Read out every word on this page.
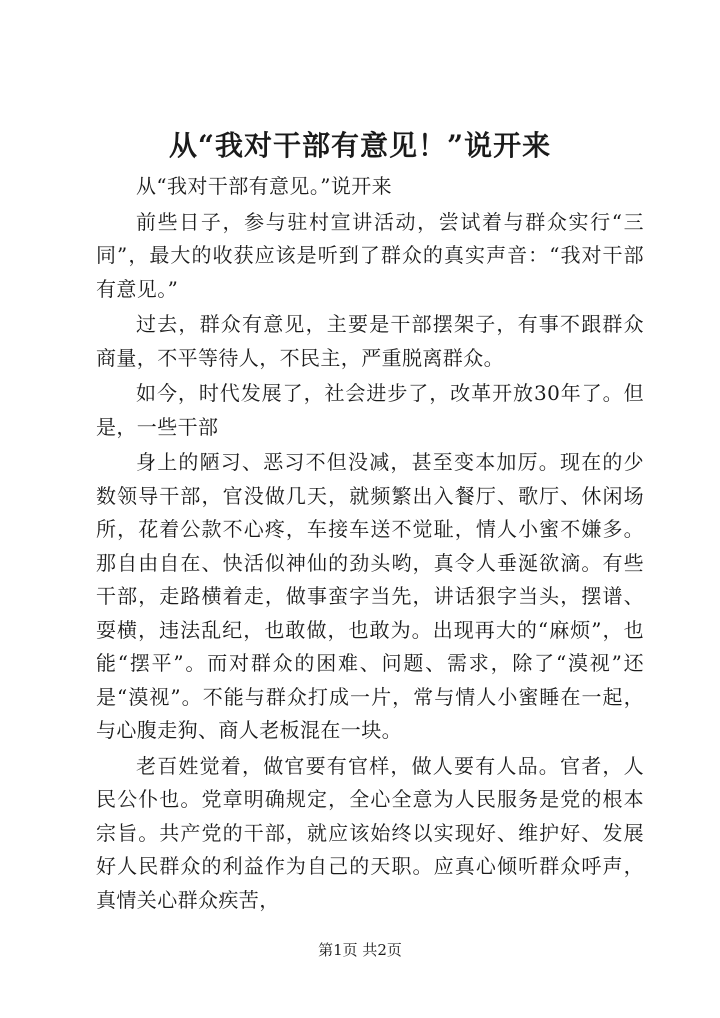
从“我对干部有意见！”说开来

从“我对干部有意见。”说开来

前些日子，参与驻村宣讲活动，尝试着与群众实行“三同”，最大的收获应该是听到了群众的真实声音：“我对干部有意见。”

过去，群众有意见，主要是干部摆架子，有事不跟群众商量，不平等待人，不民主，严重脱离群众。

如今，时代发展了，社会进步了，改革开放30年了。但是，一些干部

身上的陋习、恶习不但没减，甚至变本加厉。现在的少数领导干部，官没做几天，就频繁出入餐厅、歌厅、休闲场所，花着公款不心疼，车接车送不觉耻，情人小蜜不嫌多。那自由自在、快活似神仙的劲头哟，真令人垂涎欲滴。有些干部，走路横着走，做事蛮字当先，讲话狠字当头，摆谱、耍横，违法乱纪，也敢做，也敢为。出现再大的“麻烦”，也能“摆平”。而对群众的困难、问题、需求，除了“漠视”还是“漠视”。不能与群众打成一片，常与情人小蜜睡在一起，与心腹走狗、商人老板混在一块。

老百姓觉着，做官要有官样，做人要有人品。官者，人民公仆也。党章明确规定，全心全意为人民服务是党的根本宗旨。共产党的干部，就应该始终以实现好、维护好、发展好人民群众的利益作为自己的天职。应真心倾听群众呼声，真情关心群众疾苦，

第1页 共2页
